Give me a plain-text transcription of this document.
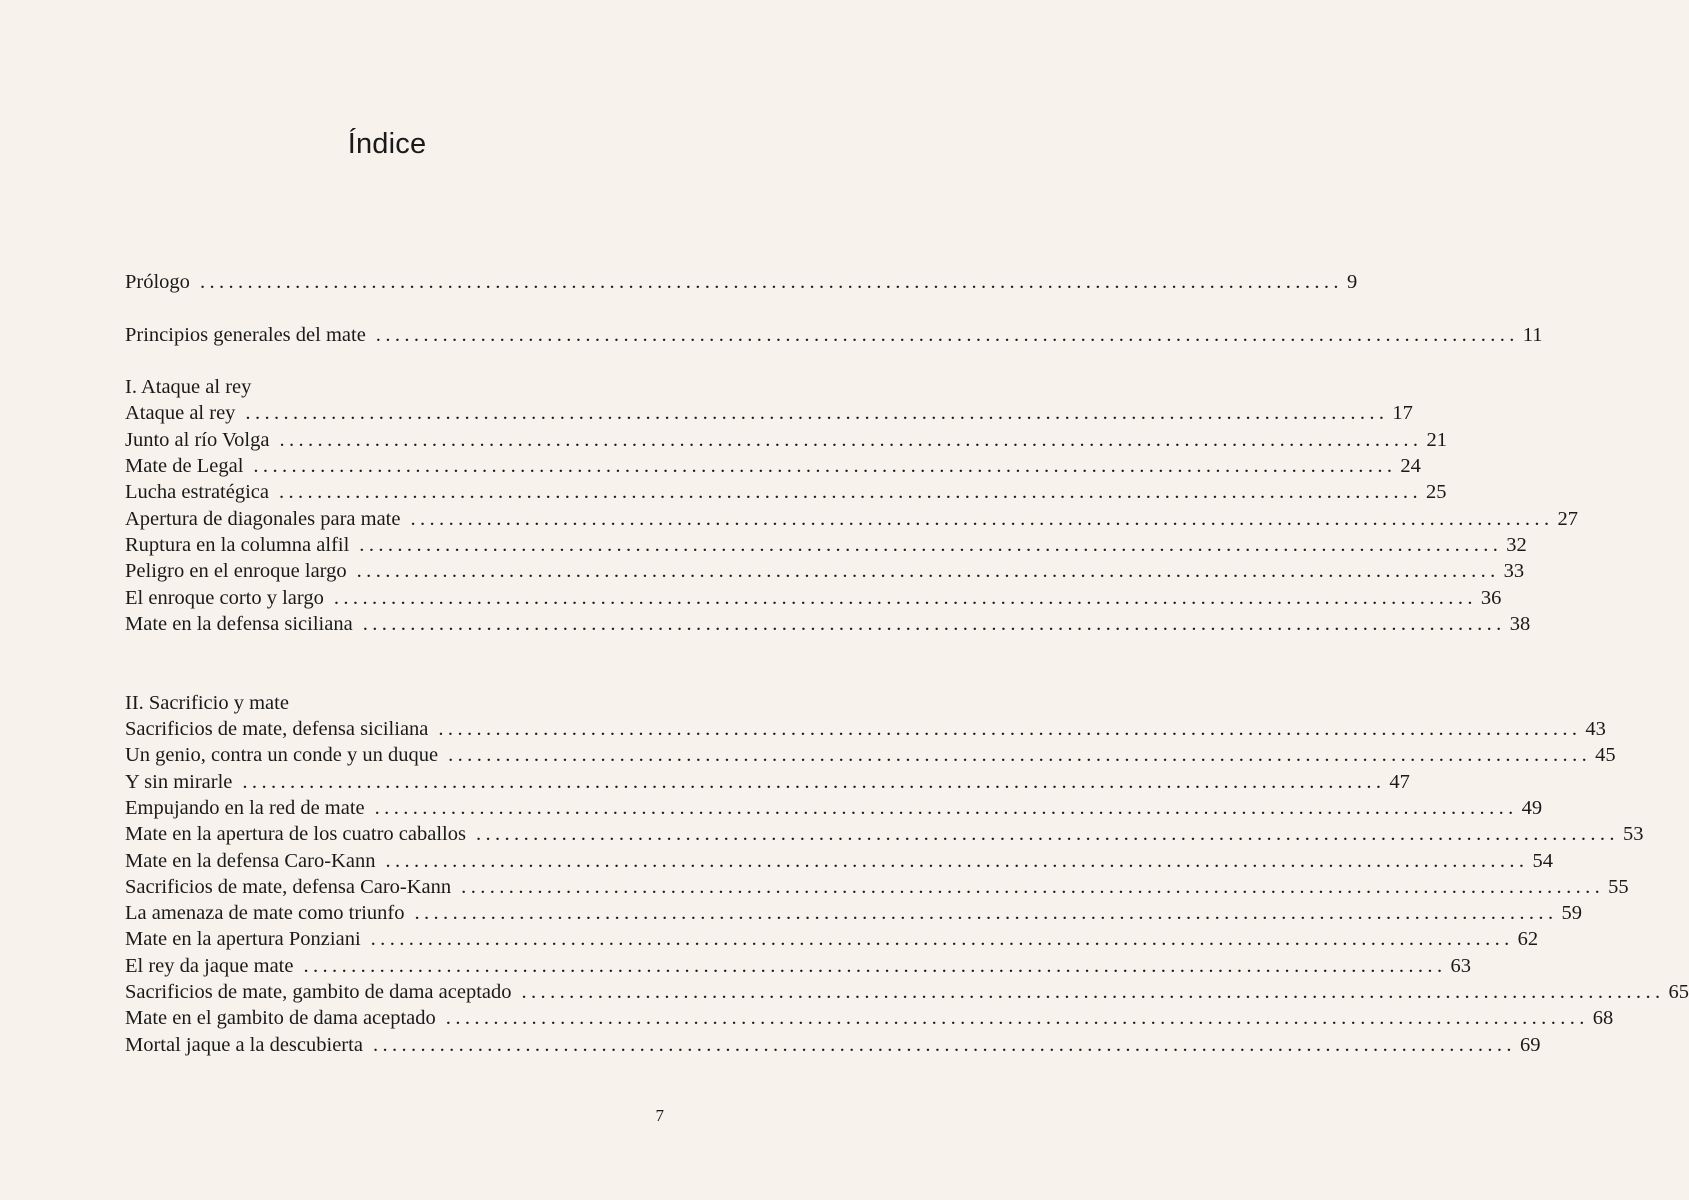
Índice
Prólogo ........................................................................................................................ 9
Principios generales del mate ........................................................................................................................ 11
I. Ataque al rey
Ataque al rey ........................................................................................................................ 17
Junto al río Volga ........................................................................................................................ 21
Mate de Legal ........................................................................................................................ 24
Lucha estratégica ........................................................................................................................ 25
Apertura de diagonales para mate ........................................................................................................................ 27
Ruptura en la columna alfil ........................................................................................................................ 32
Peligro en el enroque largo ........................................................................................................................ 33
El enroque corto y largo ........................................................................................................................ 36
Mate en la defensa siciliana ........................................................................................................................ 38
II. Sacrificio y mate
Sacrificios de mate, defensa siciliana ........................................................................................................................ 43
Un genio, contra un conde y un duque ........................................................................................................................ 45
Y sin mirarle ........................................................................................................................ 47
Empujando en la red de mate ........................................................................................................................ 49
Mate en la apertura de los cuatro caballos ........................................................................................................................ 53
Mate en la defensa Caro-Kann ........................................................................................................................ 54
Sacrificios de mate, defensa Caro-Kann ........................................................................................................................ 55
La amenaza de mate como triunfo ........................................................................................................................ 59
Mate en la apertura Ponziani ........................................................................................................................ 62
El rey da jaque mate ........................................................................................................................ 63
Sacrificios de mate, gambito de dama aceptado ........................................................................................................................ 65
Mate en el gambito de dama aceptado ........................................................................................................................ 68
Mortal jaque a la descubierta ........................................................................................................................ 69
7
